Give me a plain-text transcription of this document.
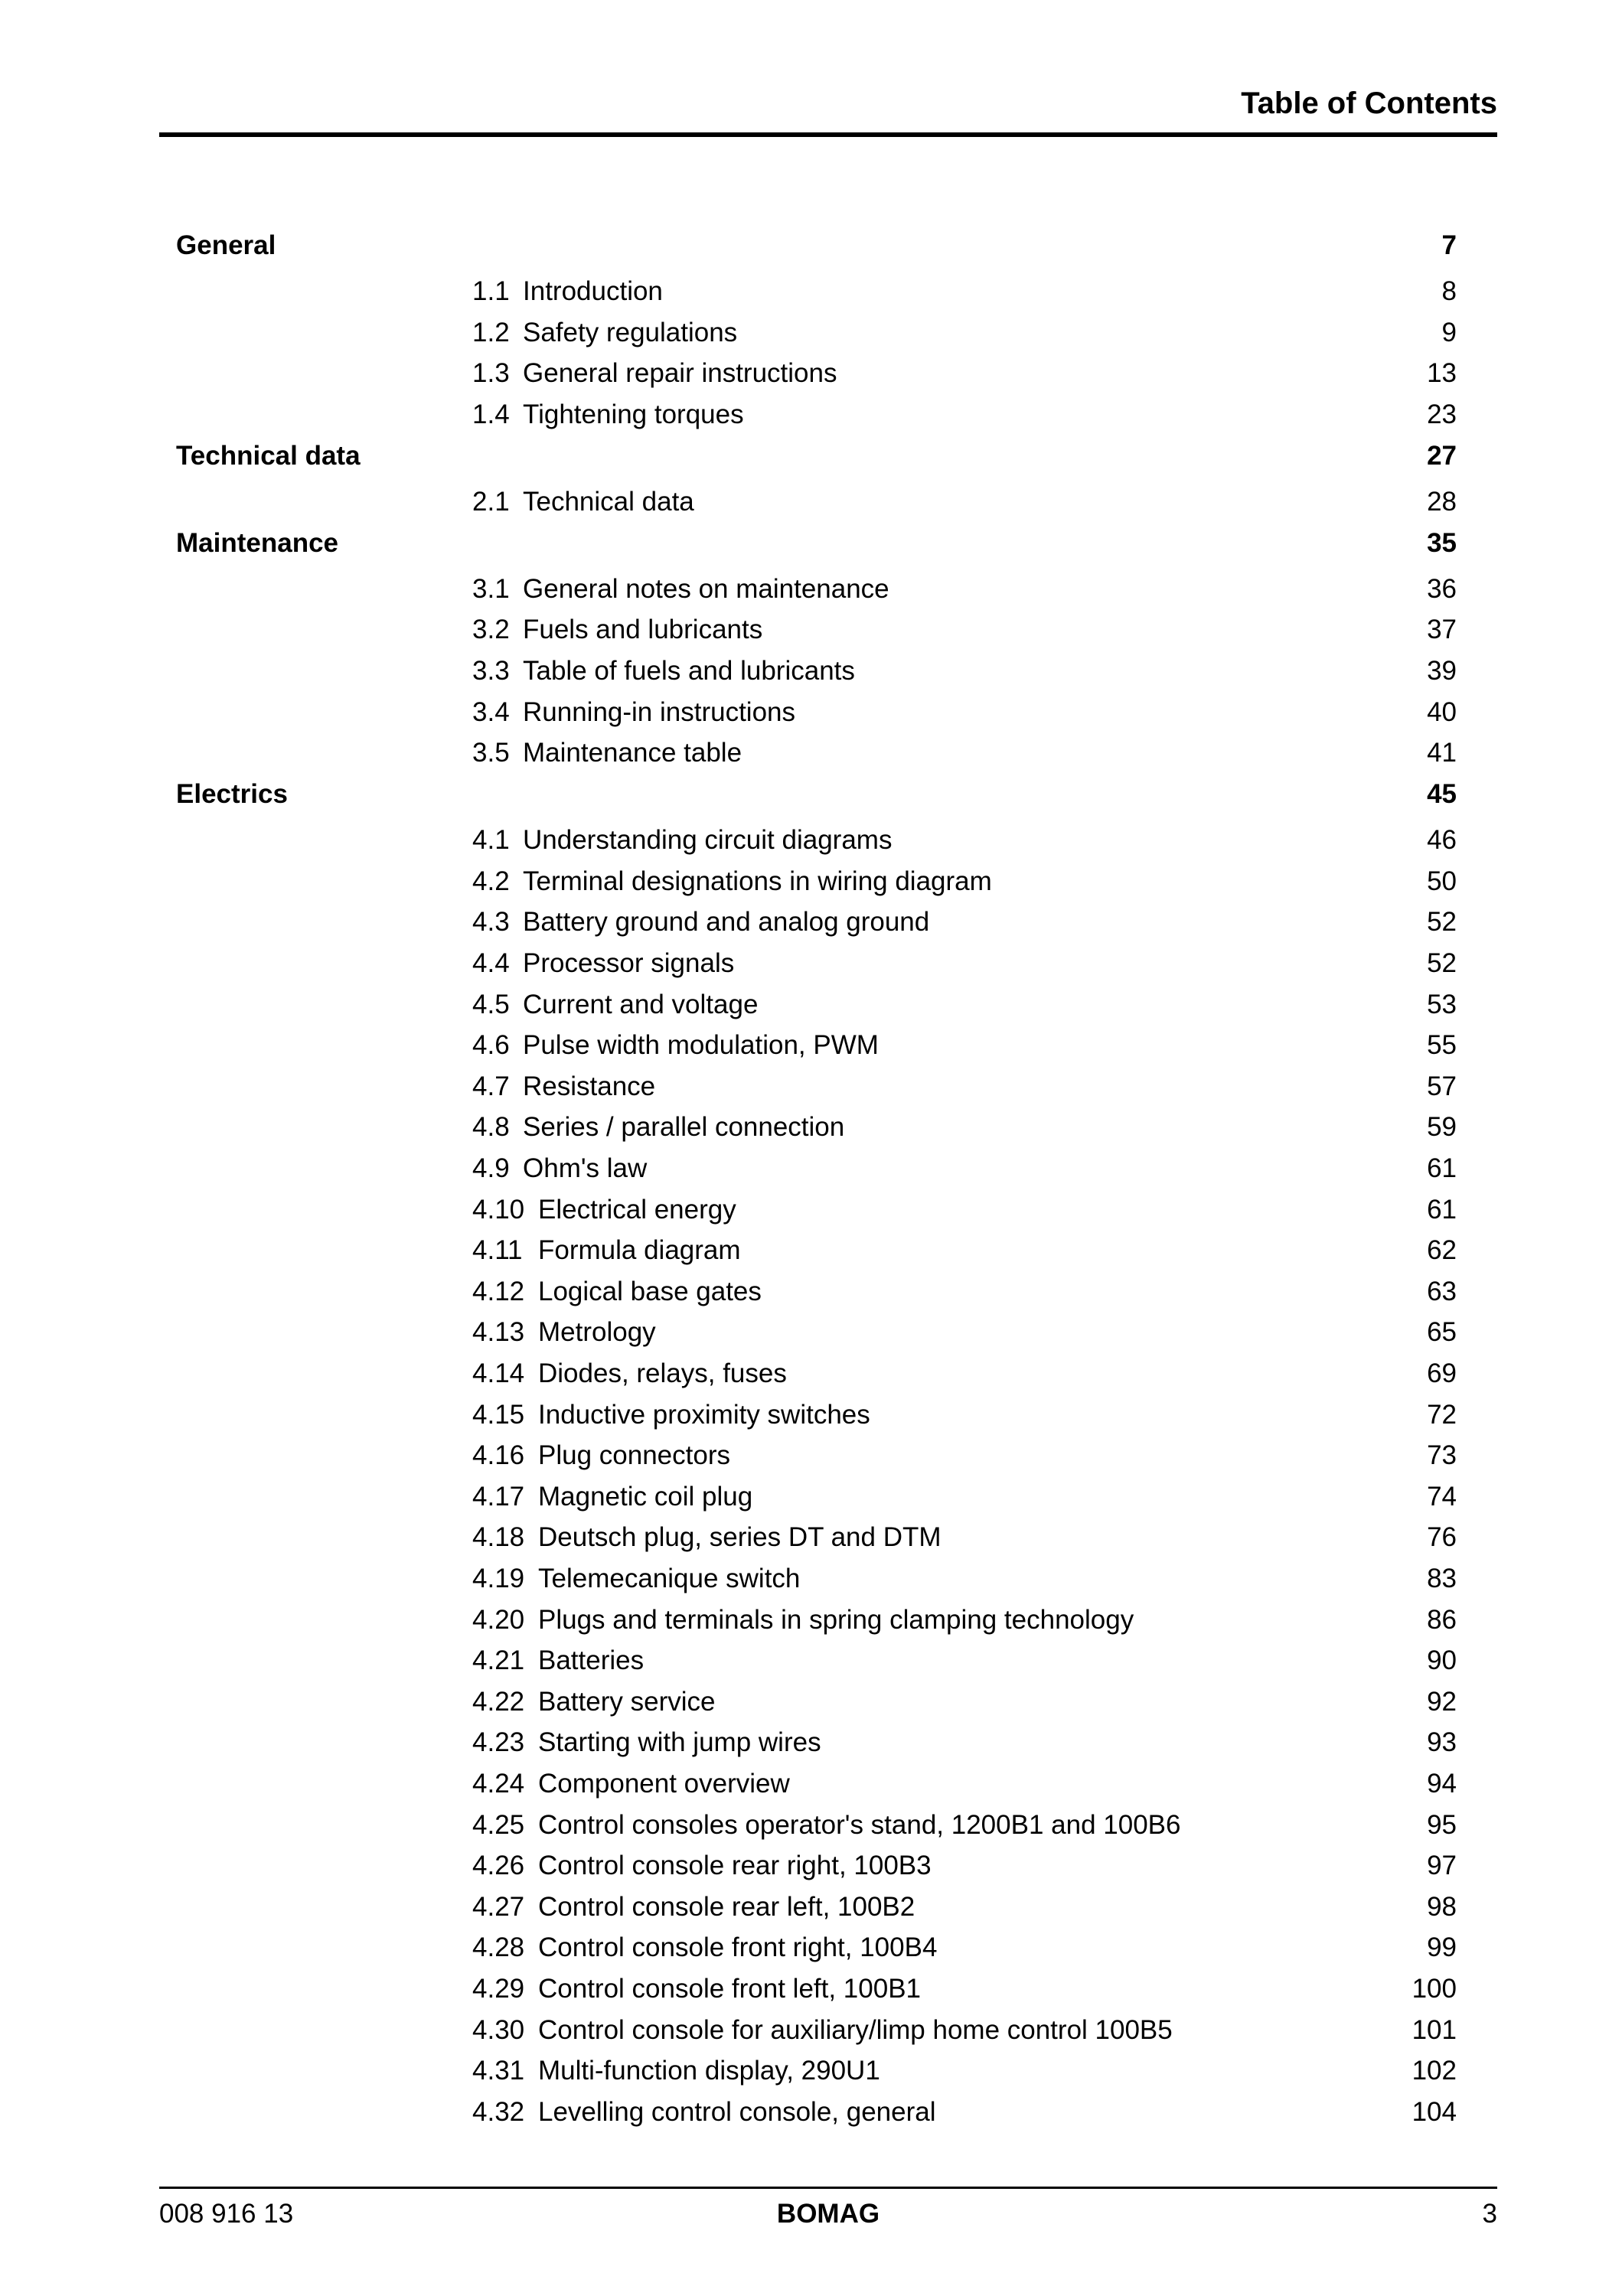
Table of Contents
General	7
1.1 Introduction	8
1.2 Safety regulations	9
1.3 General repair instructions	13
1.4 Tightening torques	23
Technical data	27
2.1 Technical data	28
Maintenance	35
3.1 General notes on maintenance	36
3.2 Fuels and lubricants	37
3.3 Table of fuels and lubricants	39
3.4 Running-in instructions	40
3.5 Maintenance table	41
Electrics	45
4.1 Understanding circuit diagrams	46
4.2 Terminal designations in wiring diagram	50
4.3 Battery ground and analog ground	52
4.4 Processor signals	52
4.5 Current and voltage	53
4.6 Pulse width modulation, PWM	55
4.7 Resistance	57
4.8 Series / parallel connection	59
4.9 Ohm's law	61
4.10 Electrical energy	61
4.11 Formula diagram	62
4.12 Logical base gates	63
4.13 Metrology	65
4.14 Diodes, relays, fuses	69
4.15 Inductive proximity switches	72
4.16 Plug connectors	73
4.17 Magnetic coil plug	74
4.18 Deutsch plug, series DT and DTM	76
4.19 Telemecanique switch	83
4.20 Plugs and terminals in spring clamping technology	86
4.21 Batteries	90
4.22 Battery service	92
4.23 Starting with jump wires	93
4.24 Component overview	94
4.25 Control consoles operator's stand, 1200B1 and 100B6	95
4.26 Control console rear right, 100B3	97
4.27 Control console rear left, 100B2	98
4.28 Control console front right, 100B4	99
4.29 Control console front left, 100B1	100
4.30 Control console for auxiliary/limp home control 100B5	101
4.31 Multi-function display, 290U1	102
4.32 Levelling control console, general	104
008 916 13	BOMAG	3
